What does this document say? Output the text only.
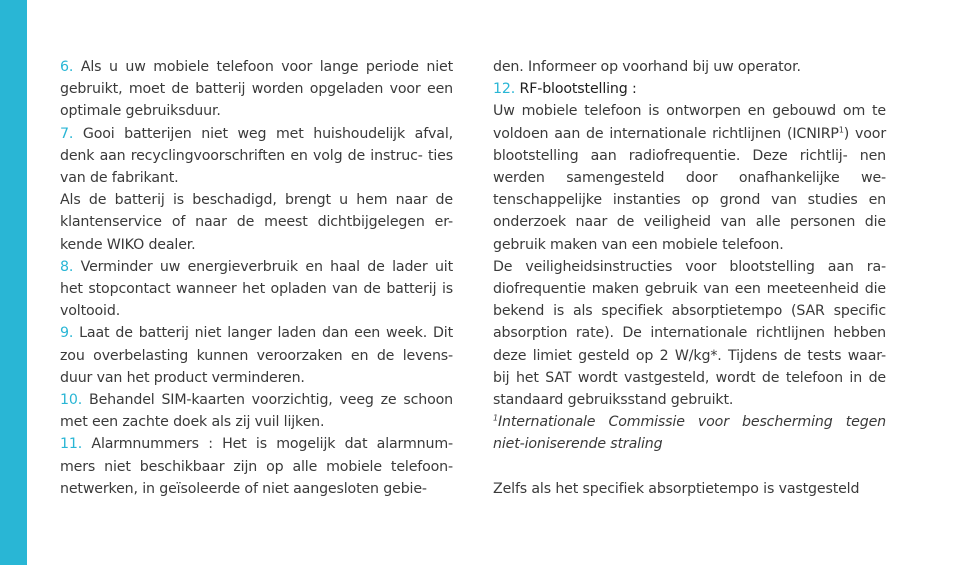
6. Als u uw mobiele telefoon voor lange periode niet gebruikt, moet de batterij worden opgeladen voor een optimale gebruiksduur.

7. Gooi batterijen niet weg met huishoudelijk afval, denk aan recyclingvoorschriften en volg de instruc- ties van de fabrikant.

Als de batterij is beschadigd, brengt u hem naar de klantenservice of naar de meest dichtbijgelegen er- kende WIKO dealer.

8. Verminder uw energieverbruik en haal de lader uit het stopcontact wanneer het opladen van de batterij is voltooid.

9. Laat de batterij niet langer laden dan een week. Dit zou overbelasting kunnen veroorzaken en de levens- duur van het product verminderen.

10. Behandel SIM-kaarten voorzichtig, veeg ze schoon met een zachte doek als zij vuil lijken.

11. Alarmnummers : Het is mogelijk dat alarmnum- mers niet beschikbaar zijn op alle mobiele telefoon- netwerken, in geïsoleerde of niet aangesloten gebie-

den. Informeer op voorhand bij uw operator.

12. RF-blootstelling :

Uw mobiele telefoon is ontworpen en gebouwd om te voldoen aan de internationale richtlijnen (ICNIRP$^1$) voor blootstelling aan radiofrequentie. Deze richtlij- nen werden samengesteld door onafhankelijke we- tenschappelijke instanties op grond van studies en onderzoek naar de veiligheid van alle personen die gebruik maken van een mobiele telefoon.

De veiligheidsinstructies voor blootstelling aan ra- diofrequentie maken gebruik van een meeteenheid die bekend is als specifiek absorptietempo (SAR specific absorption rate). De internationale richtlijnen hebben deze limiet gesteld op 2 W/kg*. Tijdens de tests waar- bij het SAT wordt vastgesteld, wordt de telefoon in de standaard gebruiksstand gebruikt.

$^1$Internationale Commissie voor bescherming tegen niet-ioniserende straling

Zelfs als het specifiek absorptietempo is vastgesteld
